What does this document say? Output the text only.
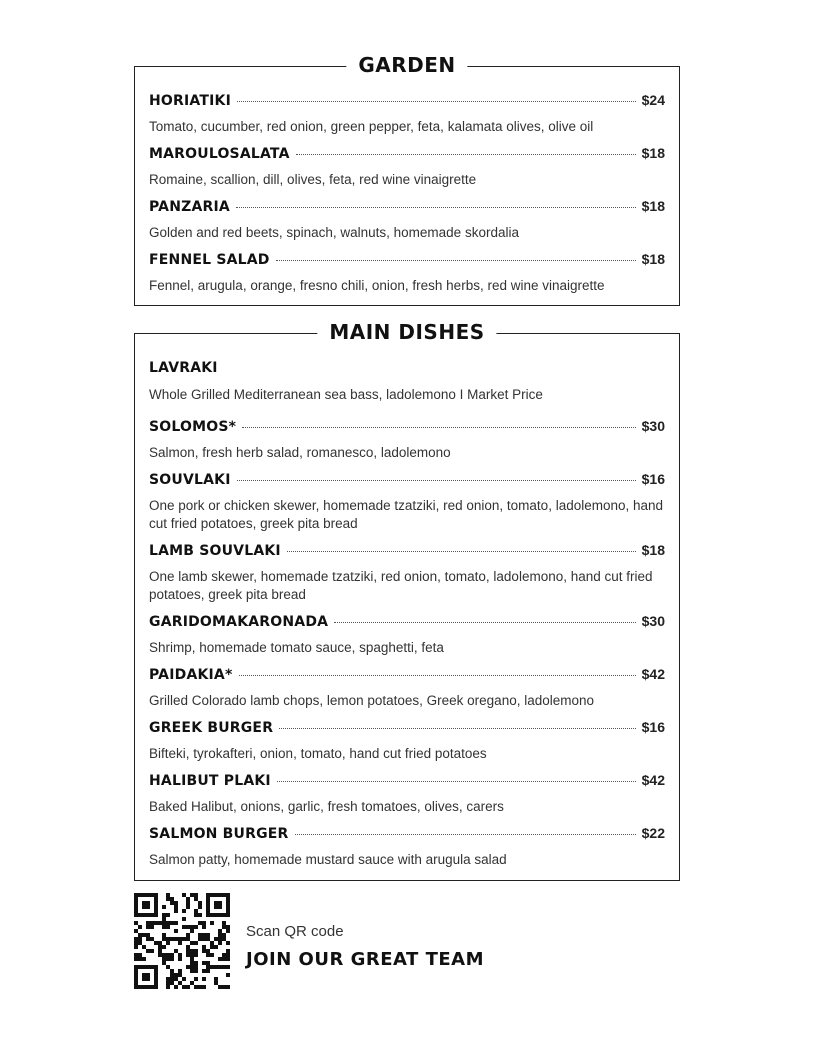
GARDEN
HORIATIKI	$24
Tomato, cucumber, red onion, green pepper, feta, kalamata olives, olive oil
MAROULOSALATA	$18
Romaine, scallion, dill, olives, feta, red wine vinaigrette
PANZARIA	$18
Golden and red beets, spinach, walnuts, homemade skordalia
FENNEL SALAD	$18
Fennel, arugula, orange, fresno chili, onion, fresh herbs, red wine vinaigrette
MAIN DISHES
LAVRAKI
Whole Grilled Mediterranean sea bass, ladolemono I Market Price
SOLOMOS*	$30
Salmon, fresh herb salad, romanesco, ladolemono
SOUVLAKI	$16
One pork or chicken skewer, homemade tzatziki, red onion, tomato, ladolemono, hand cut fried potatoes, greek pita bread
LAMB SOUVLAKI	$18
One lamb skewer, homemade tzatziki, red onion, tomato, ladolemono, hand cut fried potatoes, greek pita bread
GARIDOMAKARONADA	$30
Shrimp, homemade tomato sauce, spaghetti, feta
PAIDAKIA*	$42
Grilled Colorado lamb chops, lemon potatoes, Greek oregano, ladolemono
GREEK BURGER	$16
Bifteki, tyrokafteri, onion, tomato, hand cut fried potatoes
HALIBUT PLAKI	$42
Baked Halibut, onions, garlic, fresh tomatoes, olives, carers
SALMON BURGER	$22
Salmon patty, homemade mustard sauce with arugula salad
Scan QR code
JOIN OUR GREAT TEAM
